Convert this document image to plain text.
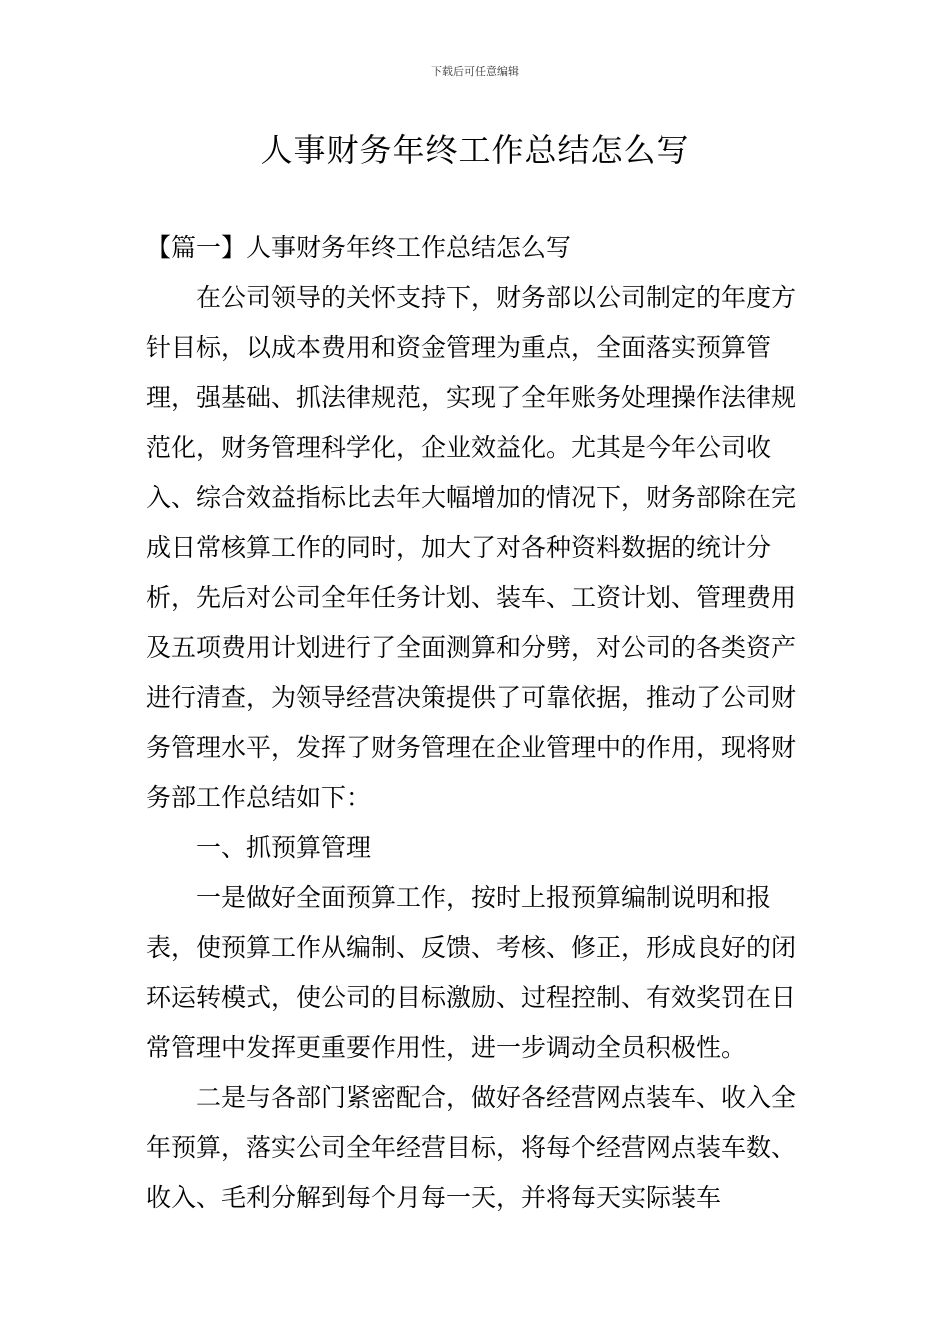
下载后可任意编辑
人事财务年终工作总结怎么写

【篇一】人事财务年终工作总结怎么写

在公司领导的关怀支持下，财务部以公司制定的年度方针目标，以成本费用和资金管理为重点，全面落实预算管理，强基础、抓法律规范，实现了全年账务处理操作法律规范化，财务管理科学化，企业效益化。尤其是今年公司收入、综合效益指标比去年大幅增加的情况下，财务部除在完成日常核算工作的同时，加大了对各种资料数据的统计分析，先后对公司全年任务计划、装车、工资计划、管理费用及五项费用计划进行了全面测算和分劈，对公司的各类资产进行清查，为领导经营决策提供了可靠依据，推动了公司财务管理水平，发挥了财务管理在企业管理中的作用，现将财务部工作总结如下：

一、抓预算管理

一是做好全面预算工作，按时上报预算编制说明和报表，使预算工作从编制、反馈、考核、修正，形成良好的闭环运转模式，使公司的目标激励、过程控制、有效奖罚在日常管理中发挥更重要作用性，进一步调动全员积极性。

二是与各部门紧密配合，做好各经营网点装车、收入全年预算，落实公司全年经营目标，将每个经营网点装车数、收入、毛利分解到每个月每一天，并将每天实际装车
